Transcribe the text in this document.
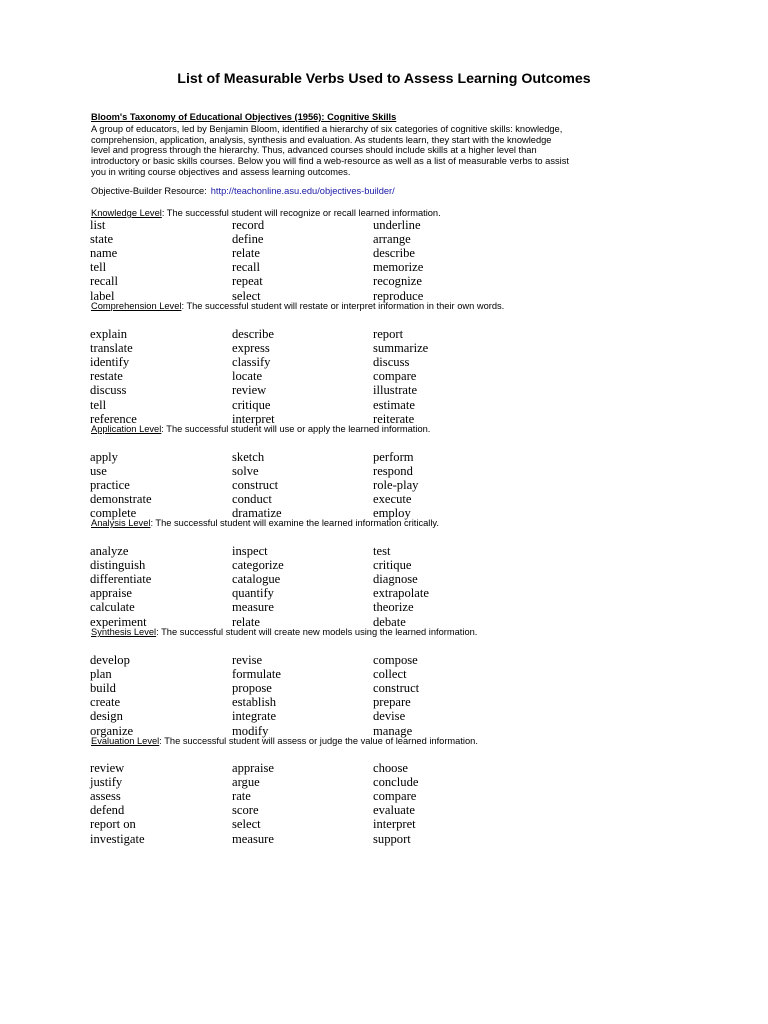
List of Measurable Verbs Used to Assess Learning Outcomes
Bloom's Taxonomy of Educational Objectives (1956): Cognitive Skills
A group of educators, led by Benjamin Bloom, identified a hierarchy of six categories of cognitive skills: knowledge,
comprehension, application, analysis, synthesis and evaluation. As students learn, they start with the knowledge
level and progress through the hierarchy. Thus, advanced courses should include skills at a higher level than
introductory or basic skills courses. Below you will find a web-resource as well as a list of measurable verbs to assist
you in writing course objectives and assess learning outcomes.
Objective-Builder Resource: http://teachonline.asu.edu/objectives-builder/
Knowledge Level: The successful student will recognize or recall learned information.
list	record	underline
state	define	arrange
name	relate	describe
tell	recall	memorize
recall	repeat	recognize
label	select	reproduce
Comprehension Level: The successful student will restate or interpret information in their own words.
explain	describe	report
translate	express	summarize
identify	classify	discuss
restate	locate	compare
discuss	review	illustrate
tell	critique	estimate
reference	interpret	reiterate
Application Level: The successful student will use or apply the learned information.
apply	sketch	perform
use	solve	respond
practice	construct	role-play
demonstrate	conduct	execute
complete	dramatize	employ
Analysis Level: The successful student will examine the learned information critically.
analyze	inspect	test
distinguish	categorize	critique
differentiate	catalogue	diagnose
appraise	quantify	extrapolate
calculate	measure	theorize
experiment	relate	debate
Synthesis Level: The successful student will create new models using the learned information.
develop	revise	compose
plan	formulate	collect
build	propose	construct
create	establish	prepare
design	integrate	devise
organize	modify	manage
Evaluation Level: The successful student will assess or judge the value of learned information.
review	appraise	choose
justify	argue	conclude
assess	rate	compare
defend	score	evaluate
report on	select	interpret
investigate	measure	support
